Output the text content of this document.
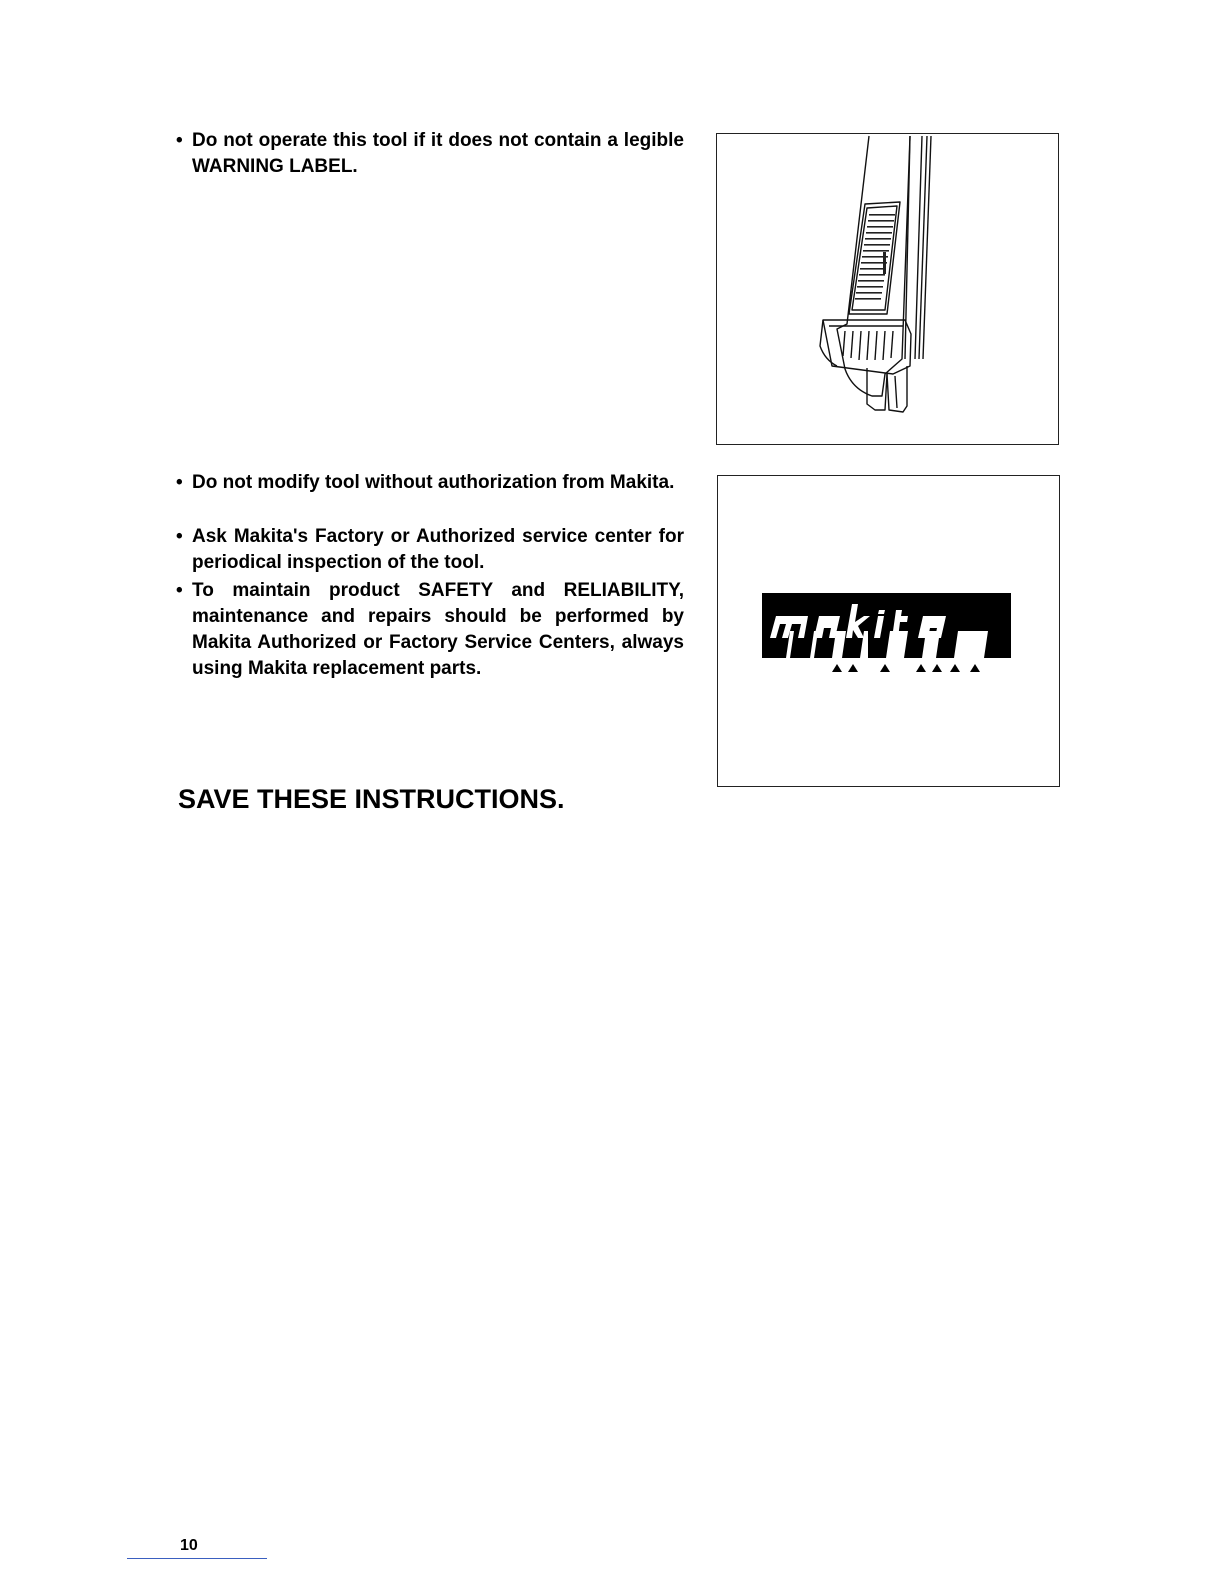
• Do not operate this tool if it does not contain a legible WARNING LABEL.
• Do not modify tool without authorization from Makita.
• Ask Makita's Factory or Authorized service center for periodical inspection of the tool.
• To maintain product SAFETY and RELIABILITY, maintenance and repairs should be performed by Makita Authorized or Factory Service Centers, always using Makita replacement parts.
SAVE THESE INSTRUCTIONS.
10
